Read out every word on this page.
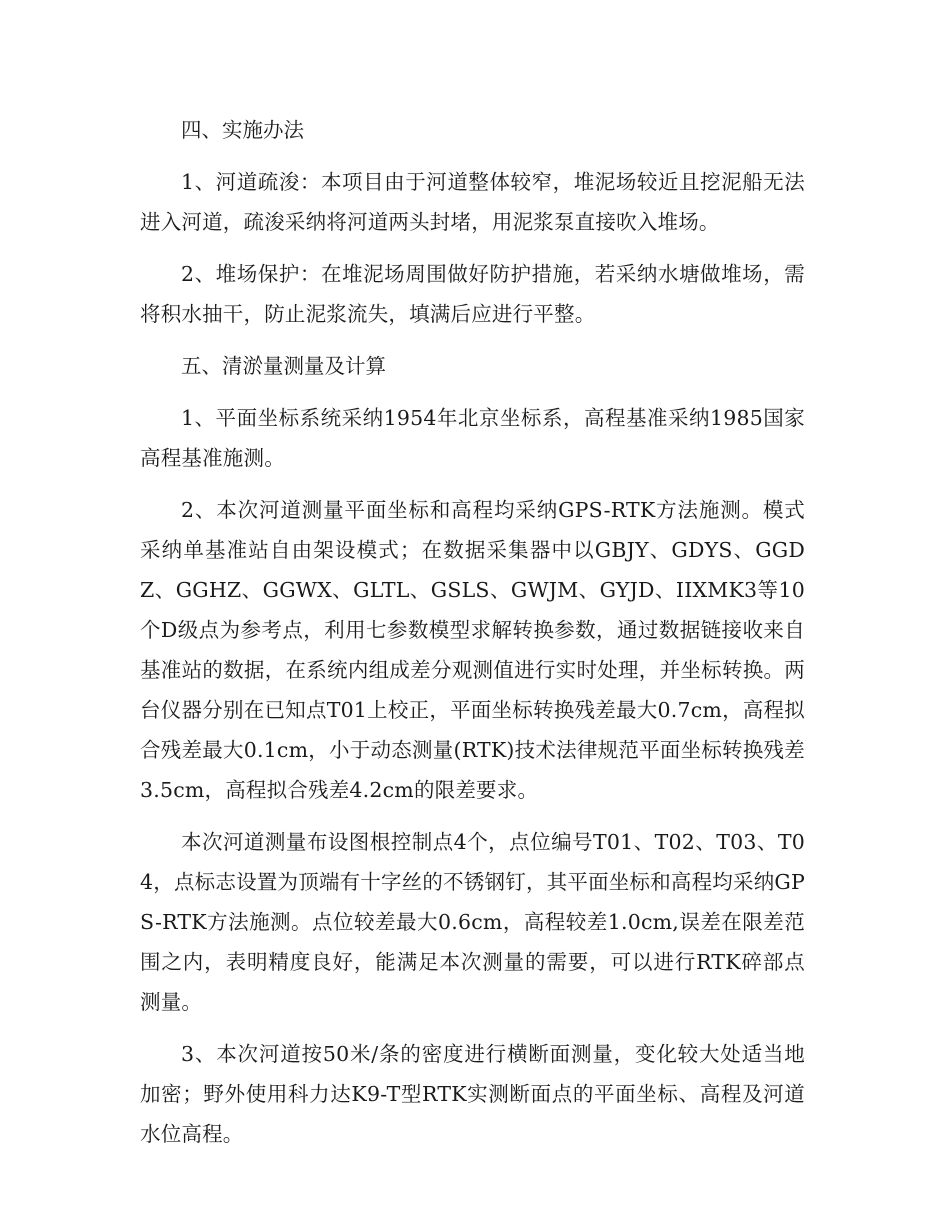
四、实施办法

1、河道疏浚：本项目由于河道整体较窄，堆泥场较近且挖泥船无法进入河道，疏浚采纳将河道两头封堵，用泥浆泵直接吹入堆场。

2、堆场保护：在堆泥场周围做好防护措施，若采纳水塘做堆场，需将积水抽干，防止泥浆流失，填满后应进行平整。

五、清淤量测量及计算

1、平面坐标系统采纳1954年北京坐标系，高程基准采纳1985国家高程基准施测。

2、本次河道测量平面坐标和高程均采纳GPS-RTK方法施测。模式采纳单基准站自由架设模式；在数据采集器中以GBJY、GDYS、GGDZ、GGHZ、GGWX、GLTL、GSLS、GWJM、GYJD、IIXMK3等10个D级点为参考点，利用七参数模型求解转换参数，通过数据链接收来自基准站的数据，在系统内组成差分观测值进行实时处理，并坐标转换。两台仪器分别在已知点T01上校正，平面坐标转换残差最大0.7cm，高程拟合残差最大0.1cm，小于动态测量(RTK)技术法律规范平面坐标转换残差3.5cm，高程拟合残差4.2cm的限差要求。

本次河道测量布设图根控制点4个，点位编号T01、T02、T03、T04，点标志设置为顶端有十字丝的不锈钢钉，其平面坐标和高程均采纳GPS-RTK方法施测。点位较差最大0.6cm，高程较差1.0cm,误差在限差范围之内，表明精度良好，能满足本次测量的需要，可以进行RTK碎部点测量。

3、本次河道按50米/条的密度进行横断面测量，变化较大处适当地加密；野外使用科力达K9-T型RTK实测断面点的平面坐标、高程及河道水位高程。
